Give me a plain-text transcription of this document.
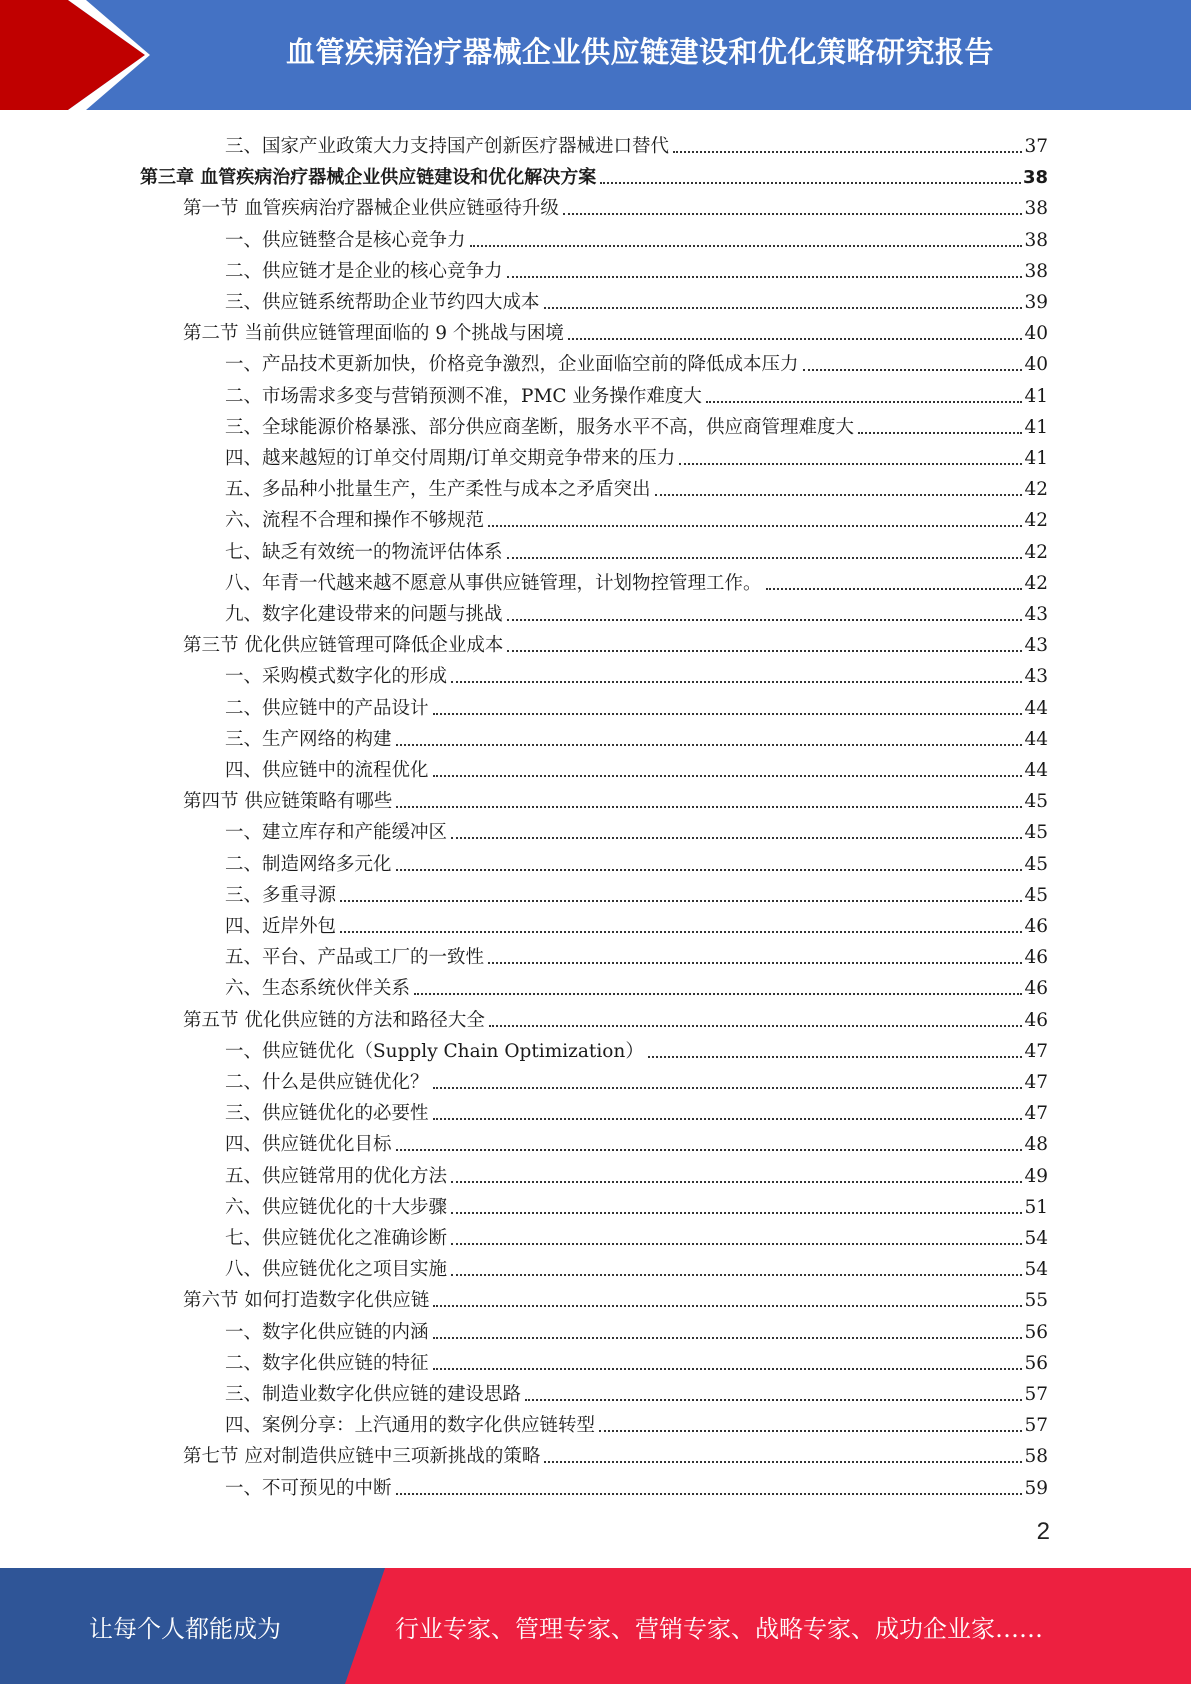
血管疾病治疗器械企业供应链建设和优化策略研究报告
三、国家产业政策大力支持国产创新医疗器械进口替代	37
第三章 血管疾病治疗器械企业供应链建设和优化解决方案	38
第一节 血管疾病治疗器械企业供应链亟待升级	38
一、供应链整合是核心竞争力	38
二、供应链才是企业的核心竞争力	38
三、供应链系统帮助企业节约四大成本	39
第二节 当前供应链管理面临的 9 个挑战与困境	40
一、产品技术更新加快，价格竞争激烈，企业面临空前的降低成本压力	40
二、市场需求多变与营销预测不准，PMC 业务操作难度大	41
三、全球能源价格暴涨、部分供应商垄断，服务水平不高，供应商管理难度大	41
四、越来越短的订单交付周期/订单交期竞争带来的压力	41
五、多品种小批量生产，生产柔性与成本之矛盾突出	42
六、流程不合理和操作不够规范	42
七、缺乏有效统一的物流评估体系	42
八、年青一代越来越不愿意从事供应链管理，计划物控管理工作。	42
九、数字化建设带来的问题与挑战	43
第三节 优化供应链管理可降低企业成本	43
一、采购模式数字化的形成	43
二、供应链中的产品设计	44
三、生产网络的构建	44
四、供应链中的流程优化	44
第四节 供应链策略有哪些	45
一、建立库存和产能缓冲区	45
二、制造网络多元化	45
三、多重寻源	45
四、近岸外包	46
五、平台、产品或工厂的一致性	46
六、生态系统伙伴关系	46
第五节 优化供应链的方法和路径大全	46
一、供应链优化（Supply Chain Optimization）	47
二、什么是供应链优化？	47
三、供应链优化的必要性	47
四、供应链优化目标	48
五、供应链常用的优化方法	49
六、供应链优化的十大步骤	51
七、供应链优化之准确诊断	54
八、供应链优化之项目实施	54
第六节 如何打造数字化供应链	55
一、数字化供应链的内涵	56
二、数字化供应链的特征	56
三、制造业数字化供应链的建设思路	57
四、案例分享：上汽通用的数字化供应链转型	57
第七节 应对制造供应链中三项新挑战的策略	58
一、不可预见的中断	59
2
让每个人都能成为	行业专家、管理专家、营销专家、战略专家、成功企业家……
